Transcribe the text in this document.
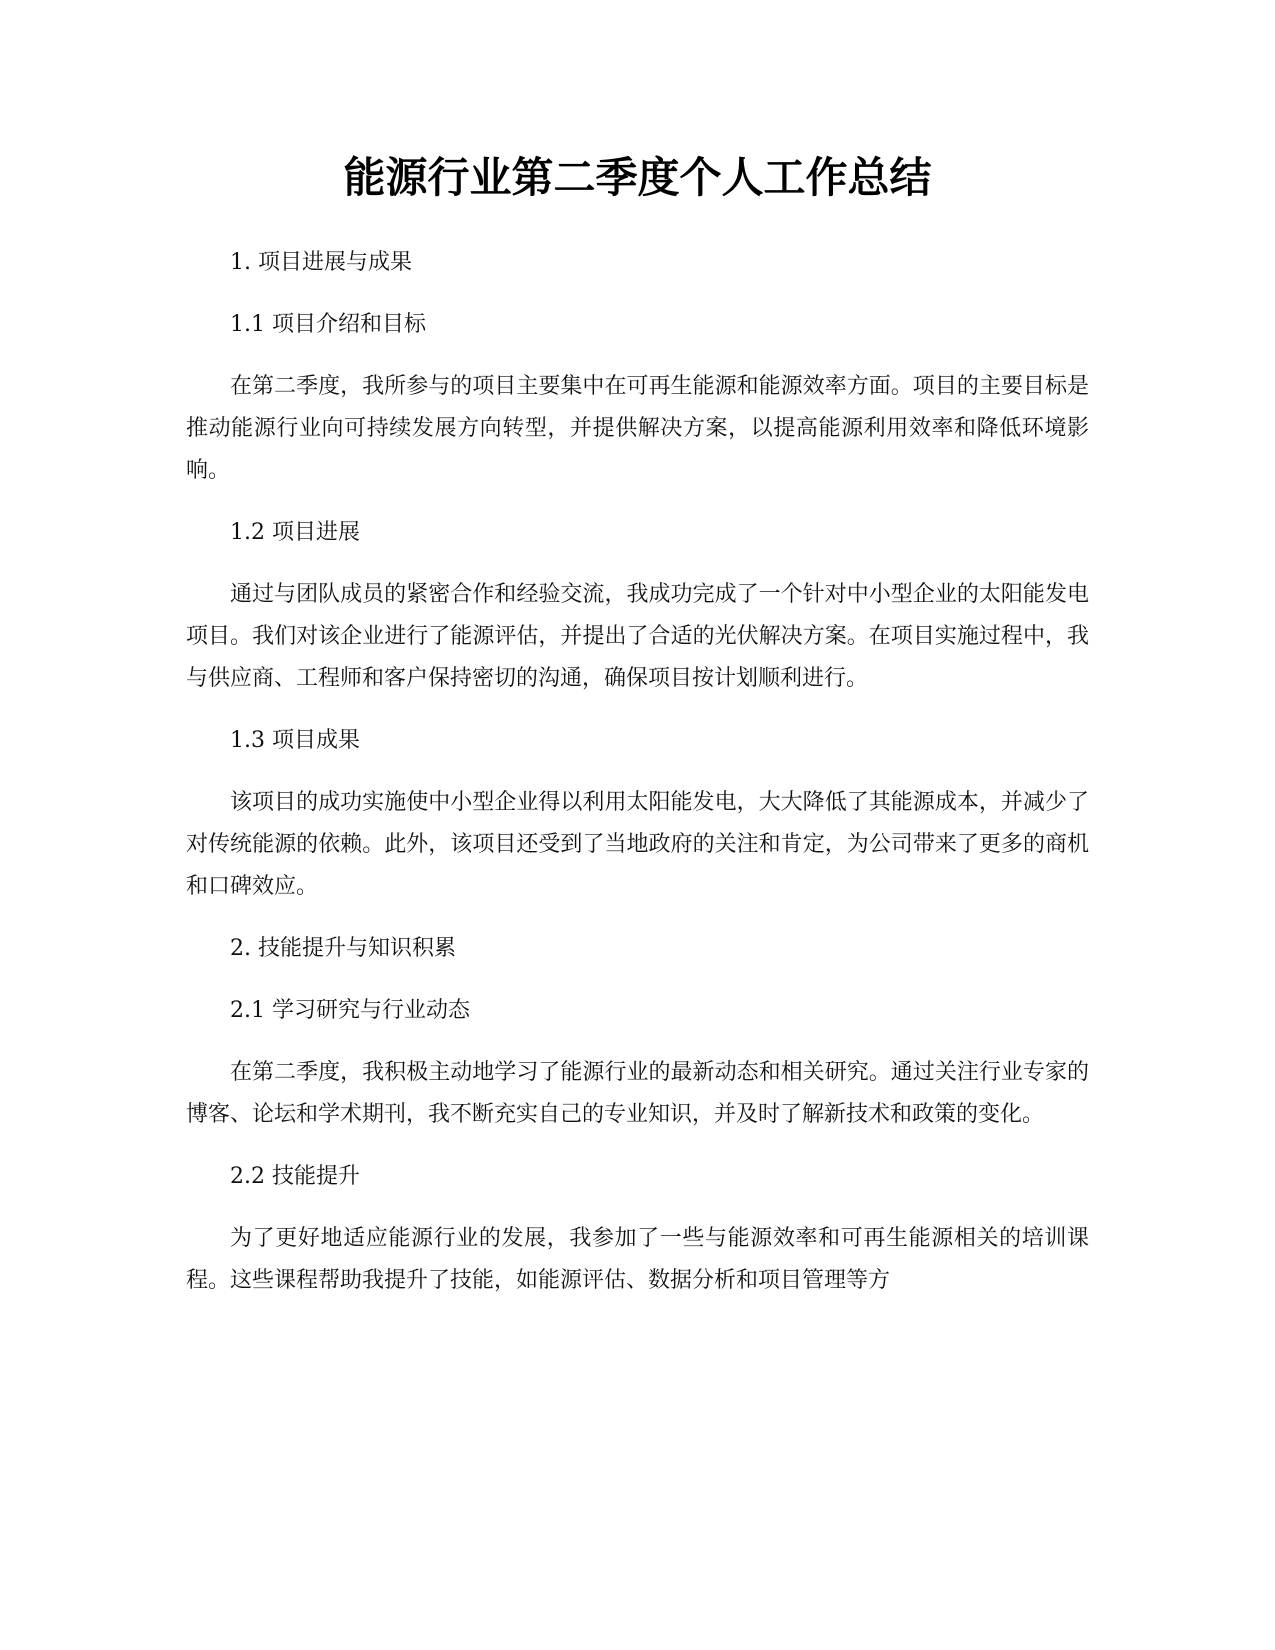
能源行业第二季度个人工作总结

1. 项目进展与成果

1.1 项目介绍和目标

在第二季度，我所参与的项目主要集中在可再生能源和能源效率方面。项目的主要目标是推动能源行业向可持续发展方向转型，并提供解决方案，以提高能源利用效率和降低环境影响。

1.2 项目进展

通过与团队成员的紧密合作和经验交流，我成功完成了一个针对中小型企业的太阳能发电项目。我们对该企业进行了能源评估，并提出了合适的光伏解决方案。在项目实施过程中，我与供应商、工程师和客户保持密切的沟通，确保项目按计划顺利进行。

1.3 项目成果

该项目的成功实施使中小型企业得以利用太阳能发电，大大降低了其能源成本，并减少了对传统能源的依赖。此外，该项目还受到了当地政府的关注和肯定，为公司带来了更多的商机和口碑效应。

2. 技能提升与知识积累

2.1 学习研究与行业动态

在第二季度，我积极主动地学习了能源行业的最新动态和相关研究。通过关注行业专家的博客、论坛和学术期刊，我不断充实自己的专业知识，并及时了解新技术和政策的变化。

2.2 技能提升

为了更好地适应能源行业的发展，我参加了一些与能源效率和可再生能源相关的培训课程。这些课程帮助我提升了技能，如能源评估、数据分析和项目管理等方
